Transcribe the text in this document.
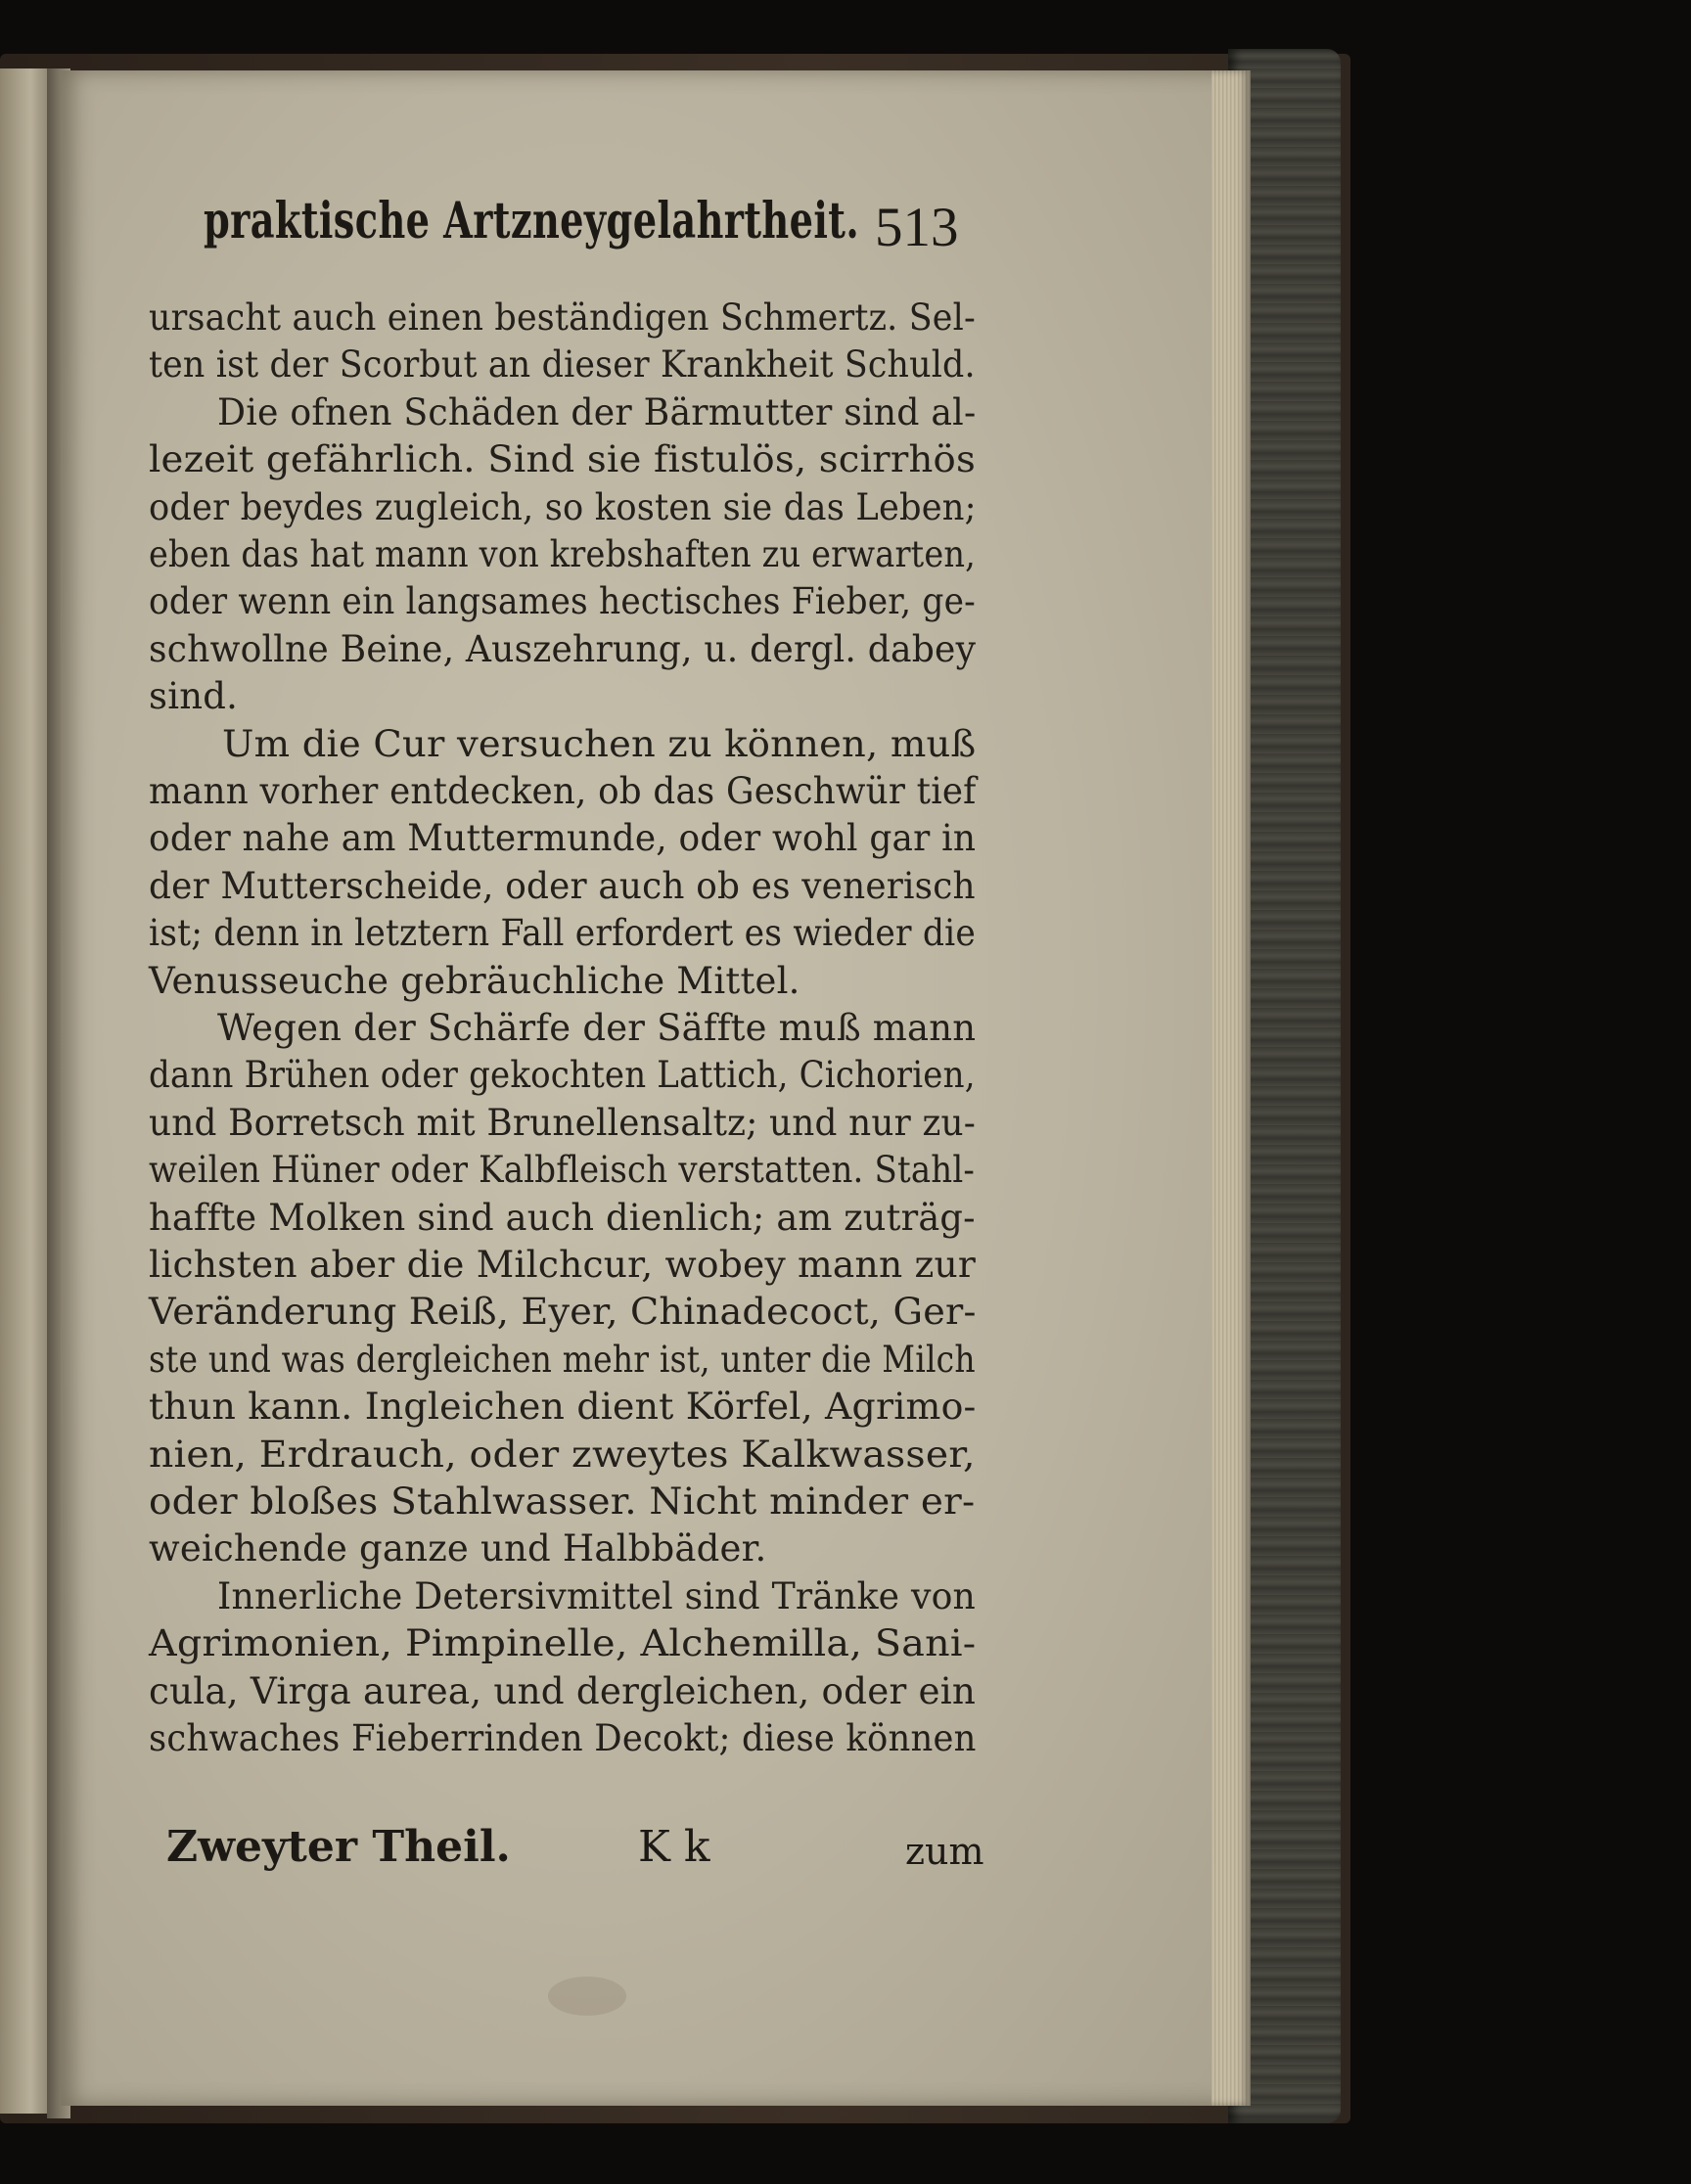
praktische Artzneygelahrtheit. 513
ursacht auch einen beständigen Schmertz. Sel-
ten ist der Scorbut an dieser Krankheit Schuld.
Die ofnen Schäden der Bärmutter sind al-
lezeit gefährlich. Sind sie fistulös, scirrhös
oder beydes zugleich, so kosten sie das Leben;
eben das hat mann von krebshaften zu erwarten,
oder wenn ein langsames hectisches Fieber, ge-
schwollne Beine, Auszehrung, u. dergl. dabey
sind.
Um die Cur versuchen zu können, muß
mann vorher entdecken, ob das Geschwür tief
oder nahe am Muttermunde, oder wohl gar in
der Mutterscheide, oder auch ob es venerisch
ist; denn in letztern Fall erfordert es wieder die
Venusseuche gebräuchliche Mittel.
Wegen der Schärfe der Säffte muß mann
dann Brühen oder gekochten Lattich, Cichorien,
und Borretsch mit Brunellensaltz; und nur zu-
weilen Hüner oder Kalbfleisch verstatten. Stahl-
haffte Molken sind auch dienlich; am zuträg-
lichsten aber die Milchcur, wobey mann zur
Veränderung Reiß, Eyer, Chinadecoct, Ger-
ste und was dergleichen mehr ist, unter die Milch
thun kann. Ingleichen dient Körfel, Agrimo-
nien, Erdrauch, oder zweytes Kalkwasser,
oder bloßes Stahlwasser. Nicht minder er-
weichende ganze und Halbbäder.
Innerliche Detersivmittel sind Tränke von
Agrimonien, Pimpinelle, Alchemilla, Sani-
cula, Virga aurea, und dergleichen, oder ein
schwaches Fieberrinden Decokt; diese können
Zweyter Theil.	K k	zum
